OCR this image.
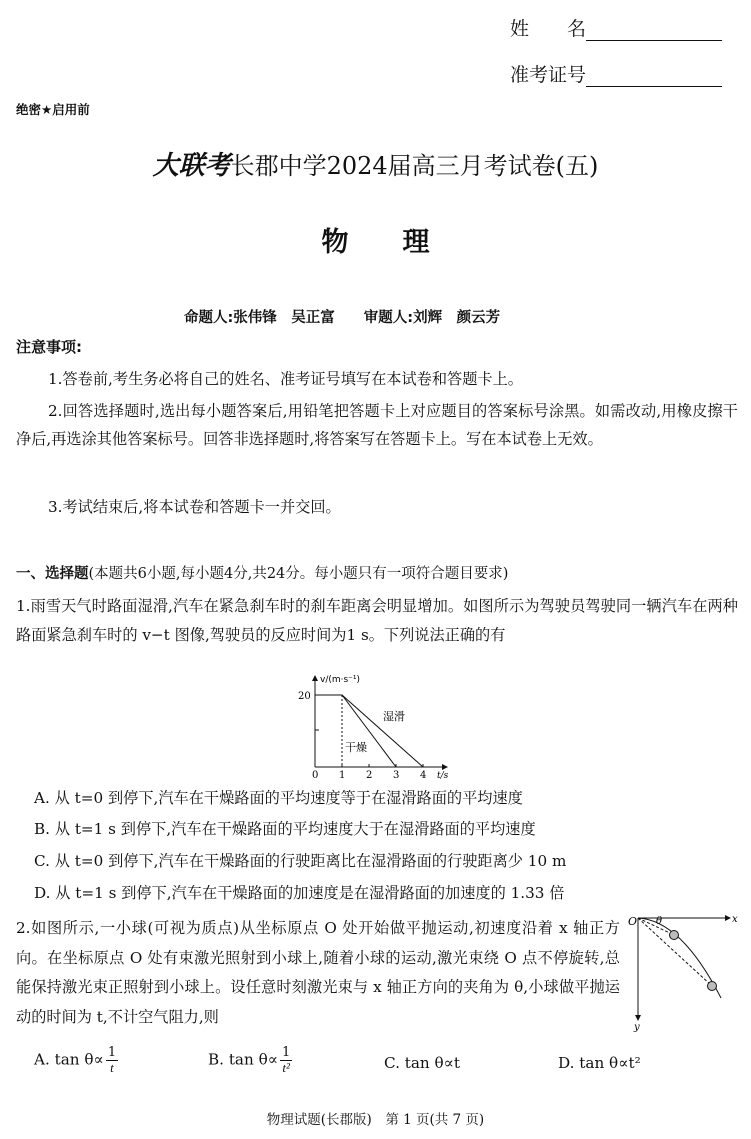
姓　　名
准考证号
绝密★启用前
大联考长郡中学2024届高三月考试卷(五)
物　　理
命题人:张伟锋　吴正富　　审题人:刘辉　颜云芳
注意事项:
1.答卷前,考生务必将自己的姓名、准考证号填写在本试卷和答题卡上。
2.回答选择题时,选出每小题答案后,用铅笔把答题卡上对应题目的答案标号涂黑。如需改动,用橡皮擦干净后,再选涂其他答案标号。回答非选择题时,将答案写在答题卡上。写在本试卷上无效。
3.考试结束后,将本试卷和答题卡一并交回。
一、选择题(本题共6小题,每小题4分,共24分。每小题只有一项符合题目要求)
1.雨雪天气时路面湿滑,汽车在紧急刹车时的刹车距离会明显增加。如图所示为驾驶员驾驶同一辆汽车在两种路面紧急刹车时的 v−t 图像,驾驶员的反应时间为1 s。下列说法正确的有
v/(m·s⁻¹)
t/s
20
0 1 2 3 4
湿滑
干燥
A. 从 t=0 到停下,汽车在干燥路面的平均速度等于在湿滑路面的平均速度
B. 从 t=1 s 到停下,汽车在干燥路面的平均速度大于在湿滑路面的平均速度
C. 从 t=0 到停下,汽车在干燥路面的行驶距离比在湿滑路面的行驶距离少 10 m
D. 从 t=1 s 到停下,汽车在干燥路面的加速度是在湿滑路面的加速度的 1.33 倍
2.如图所示,一小球(可视为质点)从坐标原点 O 处开始做平抛运动,初速度沿着 x 轴正方向。在坐标原点 O 处有束激光照射到小球上,随着小球的运动,激光束绕 O 点不停旋转,总能保持激光束正照射到小球上。设任意时刻激光束与 x 轴正方向的夹角为 θ,小球做平抛运动的时间为 t,不计空气阻力,则
O	x
y
θ
A. $\tan \theta\propto \frac{1}{t}$	B. $\tan \theta\propto \frac{1}{\text{t²}}$	C. tan θ∝t	D. tan θ∝t²
物理试题(长郡版)　第 1 页(共 7 页)
